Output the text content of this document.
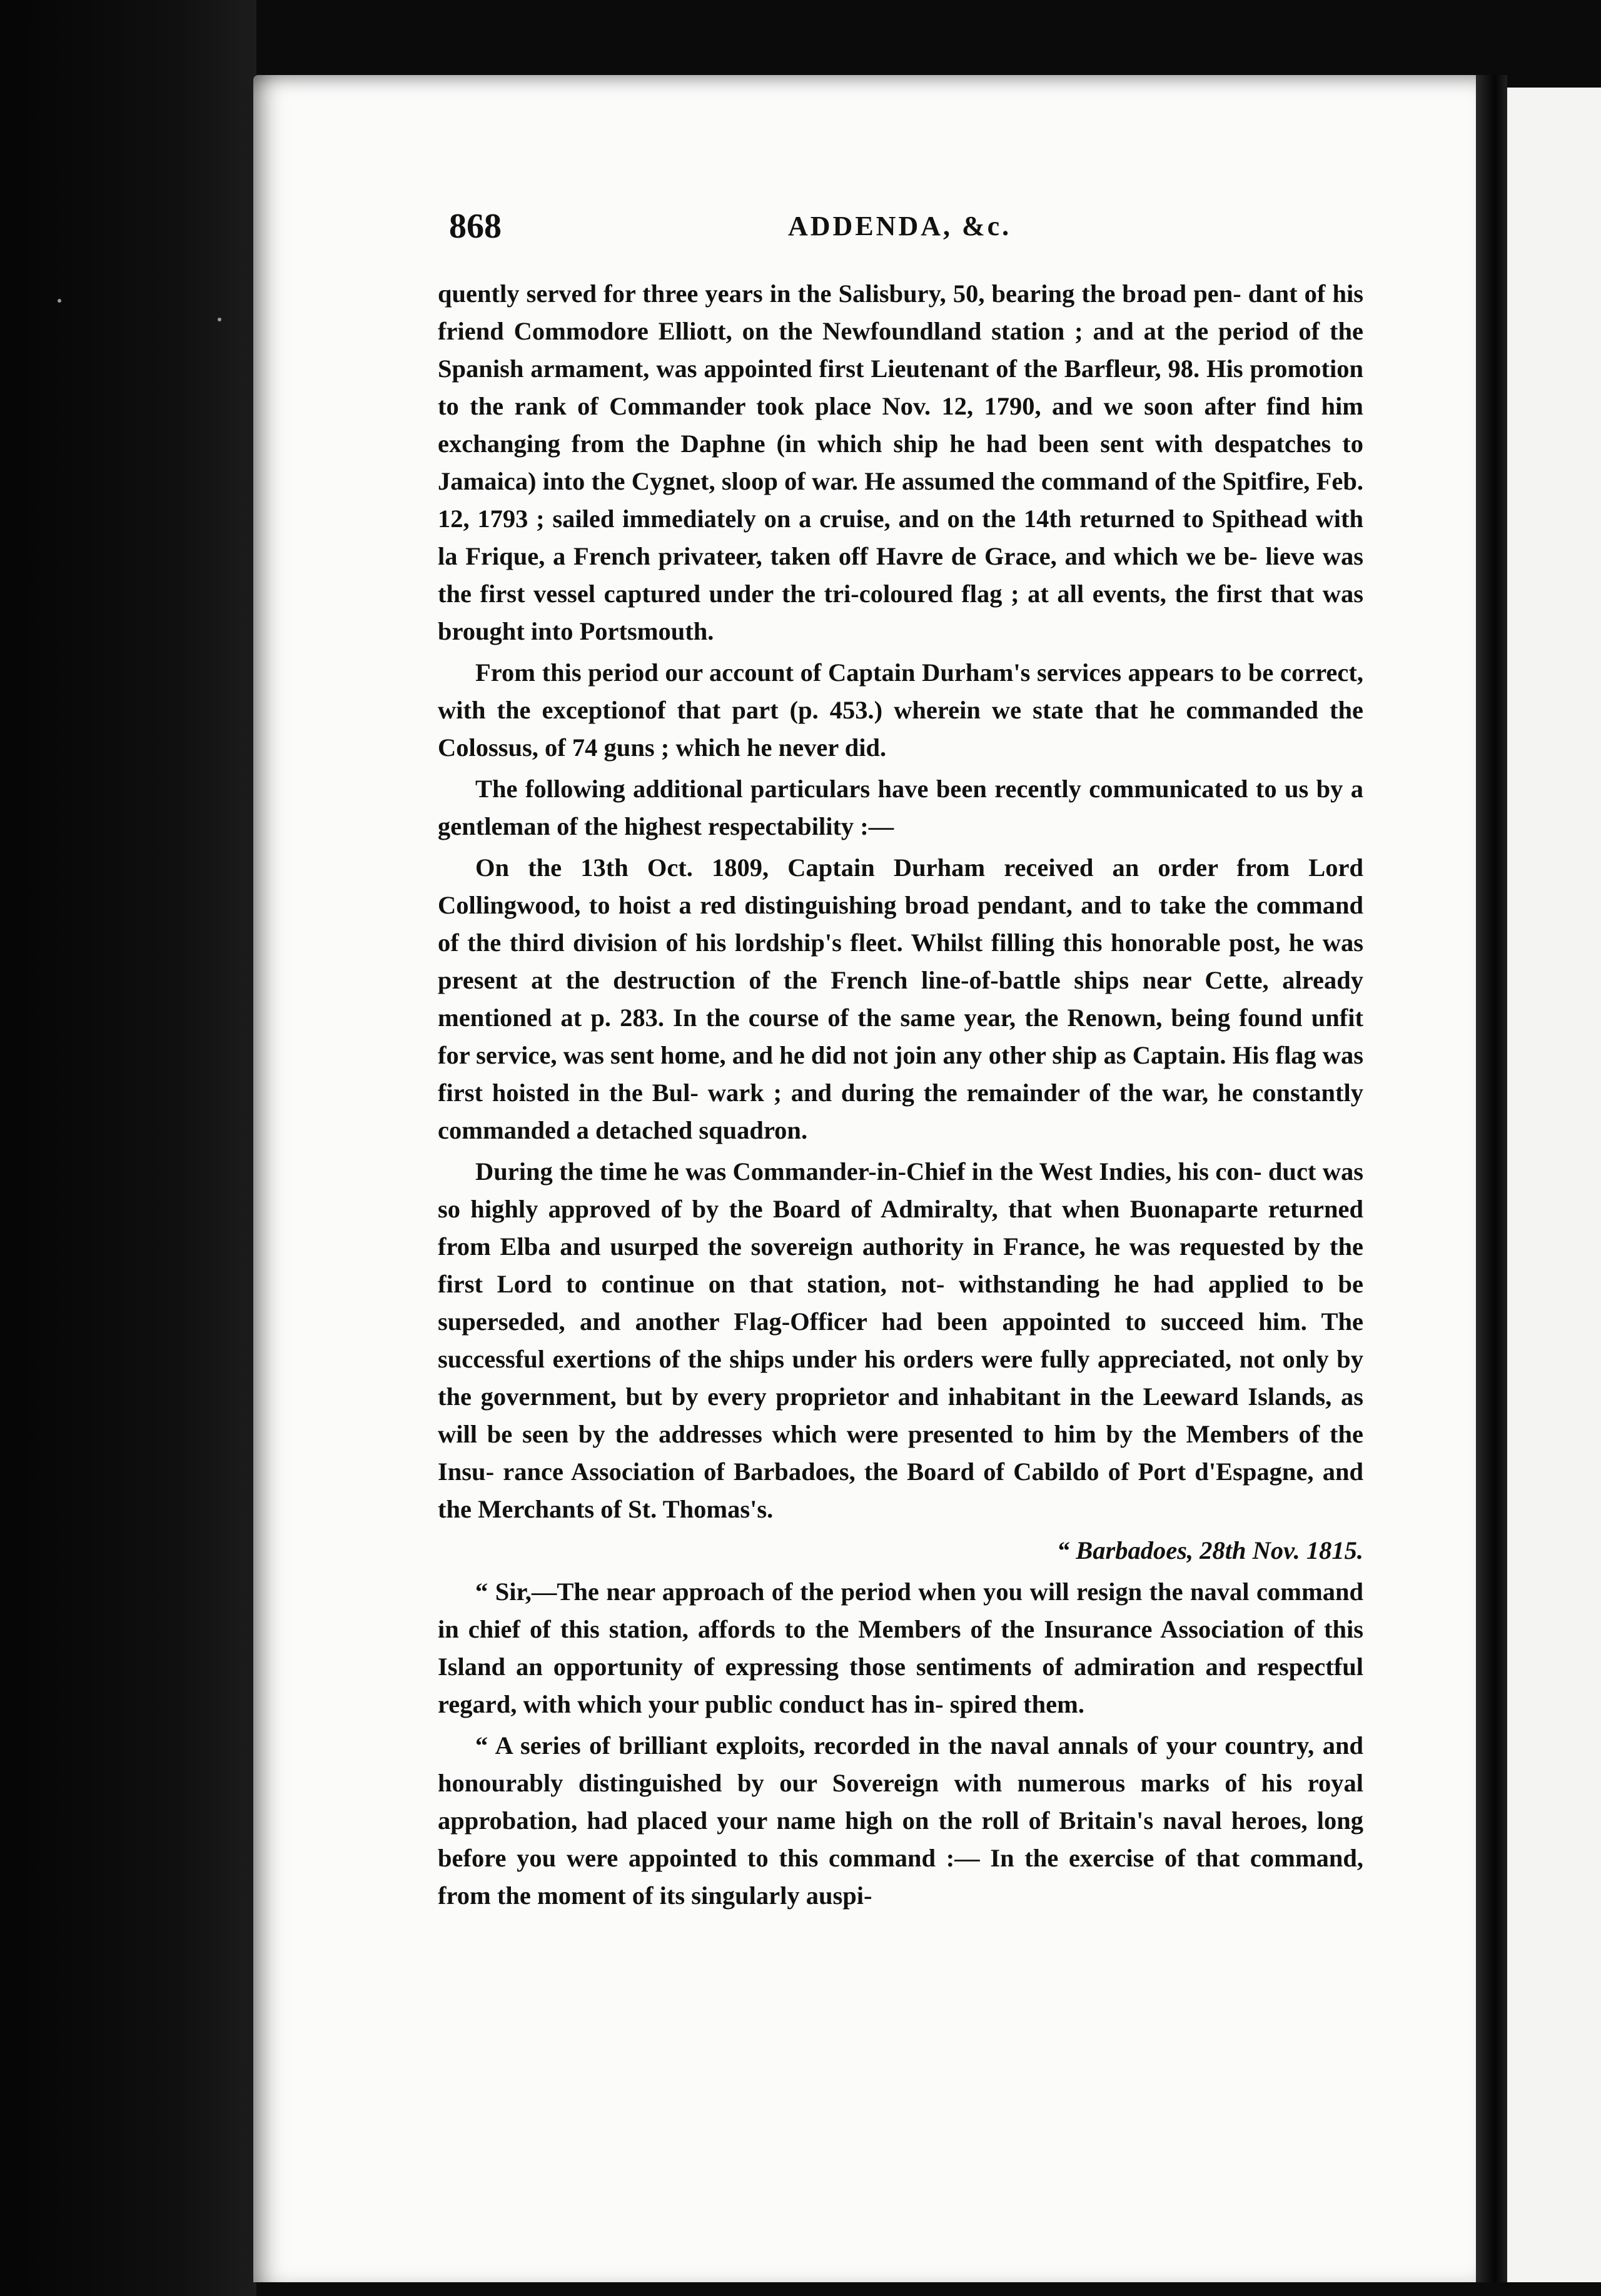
868	ADDENDA, &c.

quently served for three years in the Salisbury, 50, bearing the broad pen- dant of his friend Commodore Elliott, on the Newfoundland station ; and at the period of the Spanish armament, was appointed first Lieutenant of the Barfleur, 98. His promotion to the rank of Commander took place Nov. 12, 1790, and we soon after find him exchanging from the Daphne (in which ship he had been sent with despatches to Jamaica) into the Cygnet, sloop of war. He assumed the command of the Spitfire, Feb. 12, 1793 ; sailed immediately on a cruise, and on the 14th returned to Spithead with la Frique, a French privateer, taken off Havre de Grace, and which we be- lieve was the first vessel captured under the tri-coloured flag ; at all events, the first that was brought into Portsmouth.

From this period our account of Captain Durham's services appears to be correct, with the exceptionof that part (p. 453.) wherein we state that he commanded the Colossus, of 74 guns ; which he never did.

The following additional particulars have been recently communicated to us by a gentleman of the highest respectability :—

On the 13th Oct. 1809, Captain Durham received an order from Lord Collingwood, to hoist a red distinguishing broad pendant, and to take the command of the third division of his lordship's fleet. Whilst filling this honorable post, he was present at the destruction of the French line-of-battle ships near Cette, already mentioned at p. 283. In the course of the same year, the Renown, being found unfit for service, was sent home, and he did not join any other ship as Captain. His flag was first hoisted in the Bul- wark ; and during the remainder of the war, he constantly commanded a detached squadron.

During the time he was Commander-in-Chief in the West Indies, his con- duct was so highly approved of by the Board of Admiralty, that when Buonaparte returned from Elba and usurped the sovereign authority in France, he was requested by the first Lord to continue on that station, not- withstanding he had applied to be superseded, and another Flag-Officer had been appointed to succeed him. The successful exertions of the ships under his orders were fully appreciated, not only by the government, but by every proprietor and inhabitant in the Leeward Islands, as will be seen by the addresses which were presented to him by the Members of the Insu- rance Association of Barbadoes, the Board of Cabildo of Port d'Espagne, and the Merchants of St. Thomas's.

“ Barbadoes, 28th Nov. 1815.

“ Sir,—The near approach of the period when you will resign the naval command in chief of this station, affords to the Members of the Insurance Association of this Island an opportunity of expressing those sentiments of admiration and respectful regard, with which your public conduct has in- spired them.

“ A series of brilliant exploits, recorded in the naval annals of your country, and honourably distinguished by our Sovereign with numerous marks of his royal approbation, had placed your name high on the roll of Britain's naval heroes, long before you were appointed to this command :— In the exercise of that command, from the moment of its singularly auspi-
